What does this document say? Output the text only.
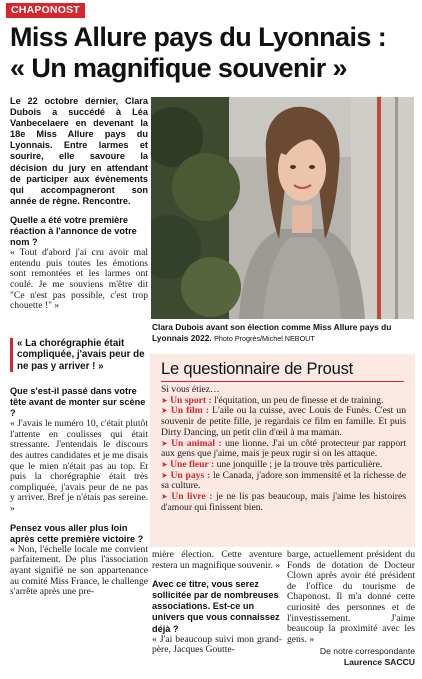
CHAPONOST
Miss Allure pays du Lyonnais :
« Un magnifique souvenir »

Le 22 octobre dernier, Clara Dubois a succédé à Léa Vanbecelaere en devenant la 18e Miss Allure pays du Lyonnais. Entre larmes et sourire, elle savoure la décision du jury en attendant de participer aux évènements qui accompagneront son année de règne. Rencontre.

Quelle a été votre première réaction à l'annonce de votre nom ?

« Tout d'abord j'ai cru avoir mal entendu puis toutes les émotions sont remontées et les larmes ont coulé. Je me souviens m'être dit "Ce n'est pas possible, c'est trop chouette !" »

Clara Dubois avant son élection comme Miss Allure pays du Lyonnais 2022. Photo Progrès/Michel NEBOUT

« La chorégraphie était compliquée, j'avais peur de ne pas y arriver ! »	Le questionnaire de Proust
Si vous étiez…
➤ Un sport : l'équitation, un peu de finesse et de training.
➤ Un film : L'aile ou la cuisse, avec Louis de Funès. C'est un souvenir de petite fille, je regardais ce film en famille. Et puis Dirty Dancing, un petit clin d'œil à ma maman.
➤ Un animal : une lionne. J'ai un côté protecteur par rapport aux gens que j'aime, mais je peux rugir si on les attaque.
➤ Une fleur : une jonquille ; je la trouve très particulière.
➤ Un pays : le Canada, j'adore son immensité et la richesse de sa culture.
➤ Un livre : je ne lis pas beaucoup, mais j'aime les histoires d'amour qui finissent bien.

Que s'est-il passé dans votre tête avant de monter sur scène ?

« J'avais le numéro 10, c'était plutôt l'attente en coulisses qui était stressante. J'entendais le discours des autres candidates et je me disais que le mien n'était pas au top. Et puis la chorégraphie était très compliquée, j'avais peur de ne pas y arriver. Bref je n'étais pas sereine. »

Pensez vous aller plus loin après cette première victoire ?

« Non, l'échelle locale me convient parfaitement. De plus l'association ayant signifié ne son appartenance au comité Miss France, le challenge s'arrête après une pre-

mière élection. Cette aventure restera un magnifique souvenir. »

Avec ce titre, vous serez sollicitée par de nombreuses associations. Est-ce un univers que vous connaissez déjà ?

« J'ai beaucoup suivi mon grand-père, Jacques Goutte-

barge, actuellement président du Fonds de dotation de Docteur Clown après avoir été président de l'office du tourisme de Chaponost. Il m'a donné cette curiosité des personnes et de l'investissement. J'aime beaucoup la proximité avec les gens. »

De notre correspondante
Laurence SACCU
